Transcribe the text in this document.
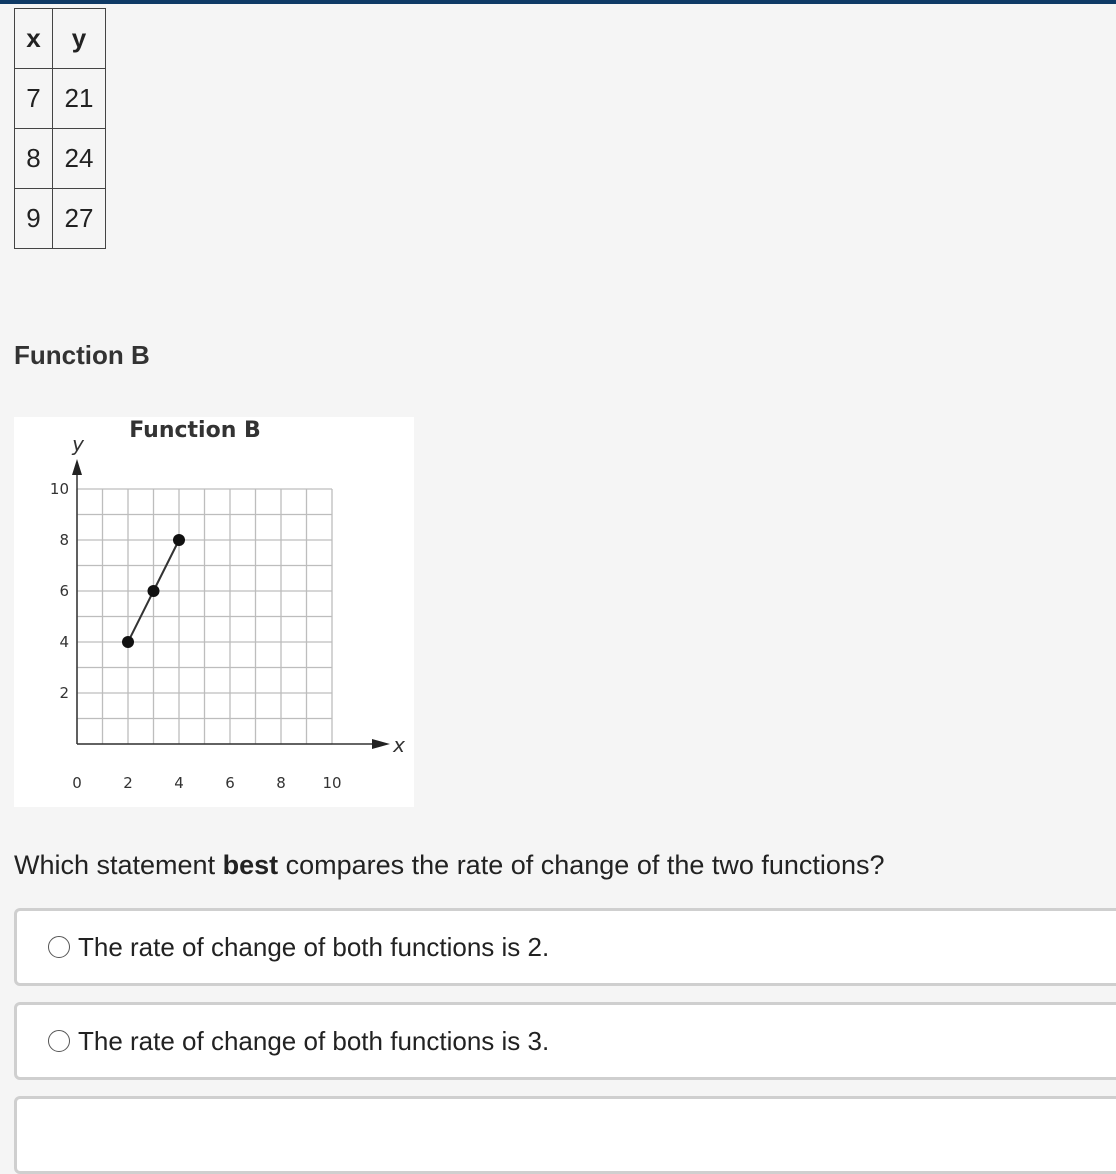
x	y
7	21
8	24
9	27
Function B
Function B
y
x
0	2	4	6	8 10
2
4
6
8
10
Which statement best compares the rate of change of the two functions?
The rate of change of both functions is 2.
The rate of change of both functions is 3.
